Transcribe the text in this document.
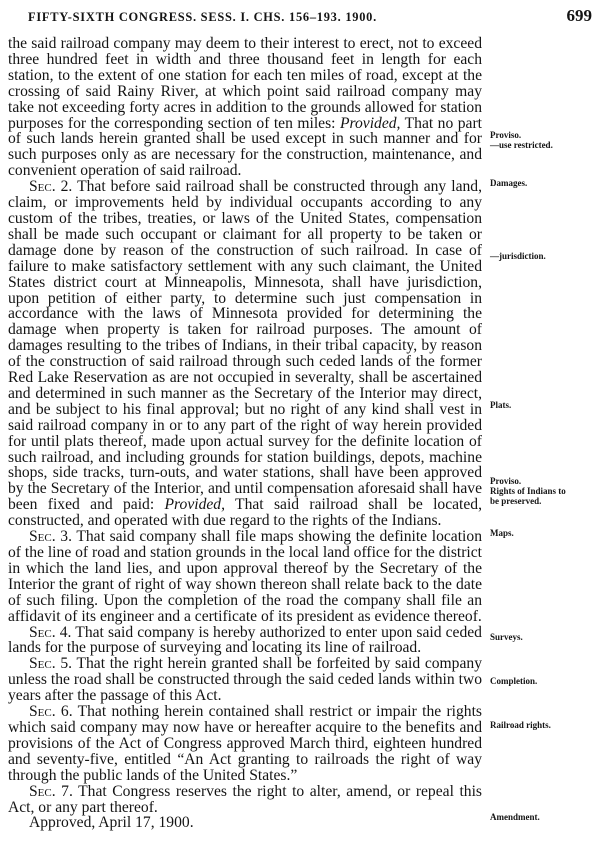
FIFTY-SIXTH CONGRESS. SESS. I. CHS. 156–193. 1900.	699

the said railroad company may deem to their interest to erect, not to exceed three hundred feet in width and three thousand feet in length for each station, to the extent of one station for each ten miles of road, except at the crossing of said Rainy River, at which point said railroad company may take not exceeding forty acres in addition to the grounds allowed for station purposes for the corresponding section of ten miles: Provided, That no part of such lands herein granted shall be used except in such manner and for such purposes only as are necessary for the construction, maintenance, and convenient operation of said railroad.

Sec. 2. That before said railroad shall be constructed through any land, claim, or improvements held by individual occupants according to any custom of the tribes, treaties, or laws of the United States, compensation shall be made such occupant or claimant for all property to be taken or damage done by reason of the construction of such railroad. In case of failure to make satisfactory settlement with any such claimant, the United States district court at Minneapolis, Minnesota, shall have jurisdiction, upon petition of either party, to determine such just compensation in accordance with the laws of Minnesota provided for determining the damage when property is taken for railroad purposes. The amount of damages resulting to the tribes of Indians, in their tribal capacity, by reason of the construction of said railroad through such ceded lands of the former Red Lake Reservation as are not occupied in severalty, shall be ascertained and determined in such manner as the Secretary of the Interior may direct, and be subject to his final approval; but no right of any kind shall vest in said railroad company in or to any part of the right of way herein provided for until plats thereof, made upon actual survey for the definite location of such railroad, and including grounds for station buildings, depots, machine shops, side tracks, turn-outs, and water stations, shall have been approved by the Secretary of the Interior, and until compensation aforesaid shall have been fixed and paid: Provided, That said railroad shall be located, constructed, and operated with due regard to the rights of the Indians.

Sec. 3. That said company shall file maps showing the definite location of the line of road and station grounds in the local land office for the district in which the land lies, and upon approval thereof by the Secretary of the Interior the grant of right of way shown thereon shall relate back to the date of such filing. Upon the completion of the road the company shall file an affidavit of its engineer and a certificate of its president as evidence thereof.

Sec. 4. That said company is hereby authorized to enter upon said ceded lands for the purpose of surveying and locating its line of railroad.

Sec. 5. That the right herein granted shall be forfeited by said company unless the road shall be constructed through the said ceded lands within two years after the passage of this Act.

Sec. 6. That nothing herein contained shall restrict or impair the rights which said company may now have or hereafter acquire to the benefits and provisions of the Act of Congress approved March third, eighteen hundred and seventy-five, entitled “An Act granting to railroads the right of way through the public lands of the United States.”

Sec. 7. That Congress reserves the right to alter, amend, or repeal this Act, or any part thereof.

Approved, April 17, 1900.

Proviso.
—use restricted.
Damages.
—jurisdiction.
Plats.
Proviso.
Rights of Indians to
be preserved.
Maps.
Surveys.
Completion.
Railroad rights.
Amendment.
